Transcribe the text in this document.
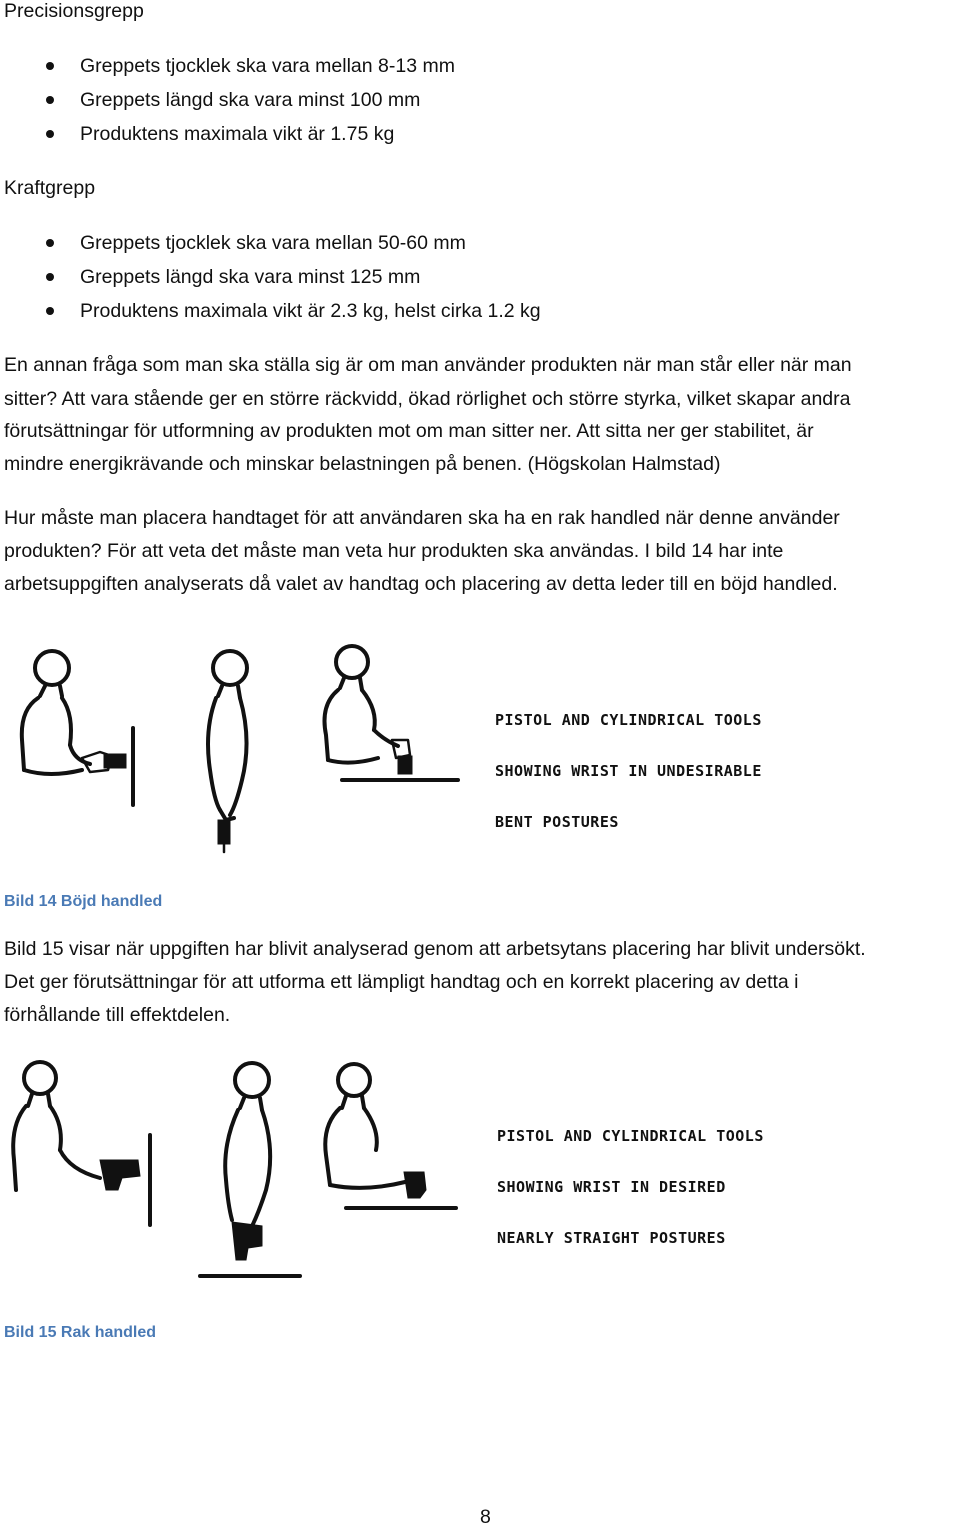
Precisionsgrepp
Greppets tjocklek ska vara mellan 8-13 mm
Greppets längd ska vara minst 100 mm
Produktens maximala vikt är 1.75 kg
Kraftgrepp
Greppets tjocklek ska vara mellan 50-60 mm
Greppets längd ska vara minst 125 mm
Produktens maximala vikt är 2.3 kg, helst cirka 1.2 kg
En annan fråga som man ska ställa sig är om man använder produkten när man står eller när man
sitter? Att vara stående ger en större räckvidd, ökad rörlighet och större styrka, vilket skapar andra
förutsättningar för utformning av produkten mot om man sitter ner. Att sitta ner ger stabilitet, är
mindre energikrävande och minskar belastningen på benen. (Högskolan Halmstad)
Hur måste man placera handtaget för att användaren ska ha en rak handled när denne använder
produkten? För att veta det måste man veta hur produkten ska användas. I bild 14 har inte
arbetsuppgiften analyserats då valet av handtag och placering av detta leder till en böjd handled.

PISTOL AND CYLINDRICAL TOOLS

SHOWING WRIST IN UNDESIRABLE

BENT POSTURES

Bild 14 Böjd handled
Bild 15 visar när uppgiften har blivit analyserad genom att arbetsytans placering har blivit undersökt.
Det ger förutsättningar för att utforma ett lämpligt handtag och en korrekt placering av detta i
förhållande till effektdelen.

PISTOL AND CYLINDRICAL TOOLS

SHOWING WRIST IN DESIRED

NEARLY STRAIGHT POSTURES

Bild 15 Rak handled
8
